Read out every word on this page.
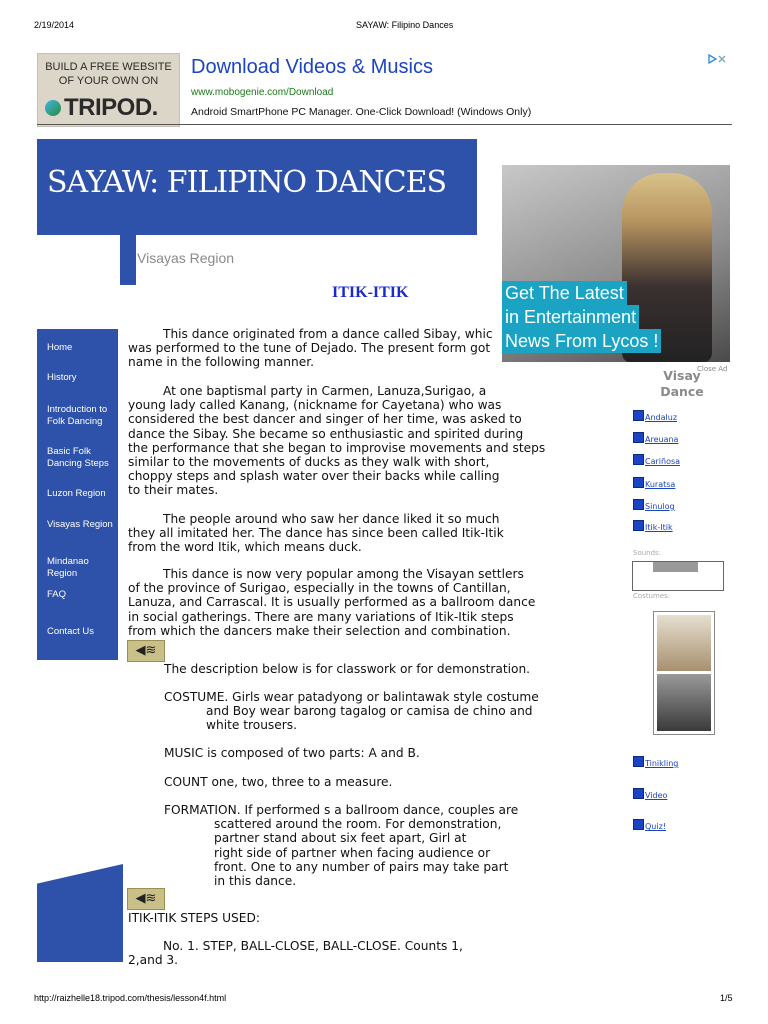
2/19/2014	SAYAW: Filipino Dances
http://raizhelle18.tripod.com/thesis/lesson4f.html	1/5
BUILD A FREE WEBSITE
OF YOUR OWN ON
TRIPOD.
Download Videos & Musics
www.mobogenie.com/Download
Android SmartPhone PC Manager. One-Click Download! (Windows Only)
SAYAW: FILIPINO DANCES
Visayas Region
ITIK-ITIK
Home
History
Introduction to Folk Dancing
Basic Folk Dancing Steps
Luzon Region
Visayas Region
Mindanao Region
FAQ
Contact Us
This dance originated from a dance called Sibay, whic
was performed to the tune of Dejado. The present form got
name in the following manner.
At one baptismal party in Carmen, Lanuza,Surigao, a
young lady called Kanang, (nickname for Cayetana) who was
considered the best dancer and singer of her time, was asked to
dance the Sibay. She became so enthusiastic and spirited during
the performance that she began to improvise movements and steps
similar to the movements of ducks as they walk with short,
choppy steps and splash water over their backs while calling
to their mates.
The people around who saw her dance liked it so much
they all imitated her. The dance has since been called Itik-Itik
from the word Itik, which means duck.
This dance is now very popular among the Visayan settlers
of the province of Surigao, especially in the towns of Cantillan,
Lanuza, and Carrascal. It is usually performed as a ballroom dance
in social gatherings. There are many variations of Itik-Itik steps
from which the dancers make their selection and combination.
◀︎≋
The description below is for classwork or for demonstration.
COSTUME. Girls wear patadyong or balintawak style costume
and Boy wear barong tagalog or camisa de chino and
white trousers.
MUSIC is composed of two parts: A and B.
COUNT one, two, three to a measure.
FORMATION. If performed s a ballroom dance, couples are
scattered around the room. For demonstration,
partner stand about six feet apart, Girl at
right side of partner when facing audience or
front. One to any number of pairs may take part
in this dance.
◀︎≋
ITIK-ITIK STEPS USED:
No. 1. STEP, BALL-CLOSE, BALL-CLOSE. Counts 1,
2,and 3.
Get The Latest
in Entertainment
News From Lycos !
Close Ad
Visay
Dance
Andaluz
Areuana
Cariñosa
Kuratsa
Sinulog
Itik-Itik
Sounds:
Costumes:
Tinikling
Video
Quiz!
